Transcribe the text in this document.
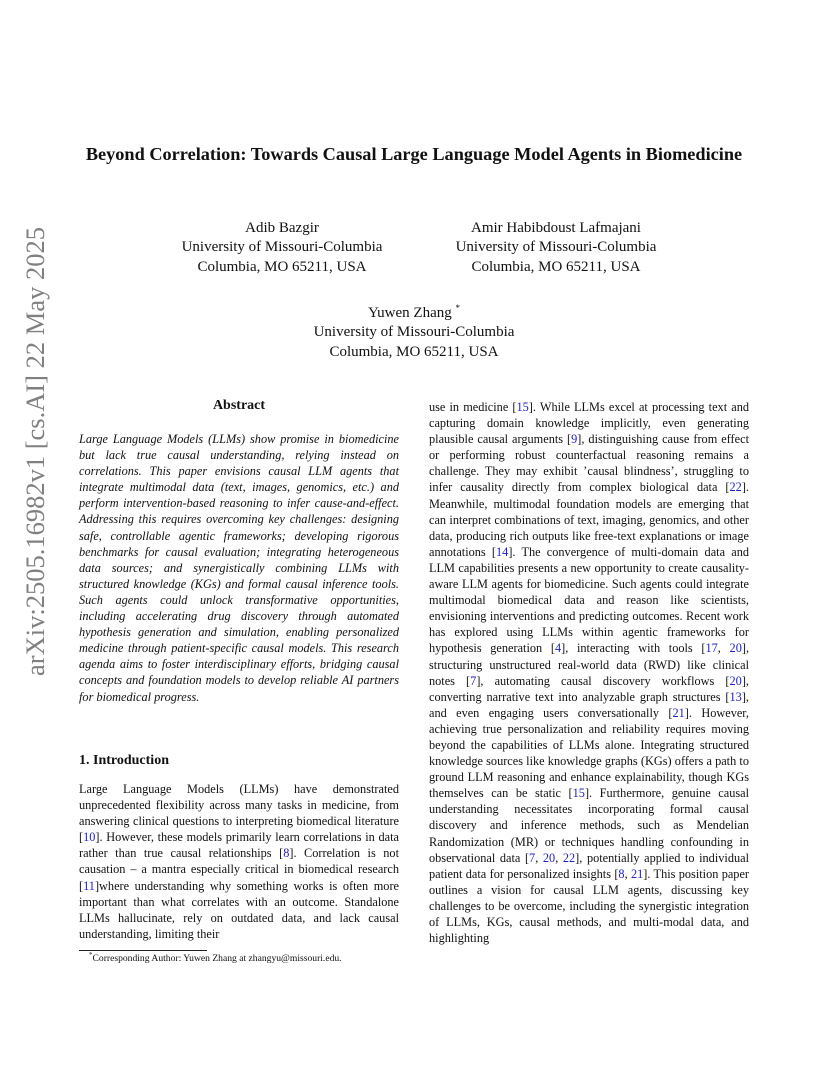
arXiv:2505.16982v1 [cs.AI] 22 May 2025
Beyond Correlation: Towards Causal Large Language Model Agents in Biomedicine
Adib Bazgir
University of Missouri-Columbia
Columbia, MO 65211, USA
Amir Habibdoust Lafmajani
University of Missouri-Columbia
Columbia, MO 65211, USA
Yuwen Zhang *
University of Missouri-Columbia
Columbia, MO 65211, USA
Abstract

Large Language Models (LLMs) show promise in biomedicine but lack true causal understanding, relying instead on correlations. This paper envisions causal LLM agents that integrate multimodal data (text, images, genomics, etc.) and perform intervention-based reasoning to infer cause-and-effect. Addressing this requires overcoming key challenges: designing safe, controllable agentic frameworks; developing rigorous benchmarks for causal evaluation; integrating heterogeneous data sources; and synergistically combining LLMs with structured knowledge (KGs) and formal causal inference tools. Such agents could unlock transformative opportunities, including accelerating drug discovery through automated hypothesis generation and simulation, enabling personalized medicine through patient-specific causal models. This research agenda aims to foster interdisciplinary efforts, bridging causal concepts and foundation models to develop reliable AI partners for biomedical progress.

1. Introduction

Large Language Models (LLMs) have demonstrated unprecedented flexibility across many tasks in medicine, from answering clinical questions to interpreting biomedical literature [10]. However, these models primarily learn correlations in data rather than true causal relationships [8]. Correlation is not causation – a mantra especially critical in biomedical research [11]where understanding why something works is often more important than what correlates with an outcome. Standalone LLMs hallucinate, rely on outdated data, and lack causal understanding, limiting their

use in medicine [15]. While LLMs excel at processing text and capturing domain knowledge implicitly, even generating plausible causal arguments [9], distinguishing cause from effect or performing robust counterfactual reasoning remains a challenge. They may exhibit ’causal blindness’, struggling to infer causality directly from complex biological data [22]. Meanwhile, multimodal foundation models are emerging that can interpret combinations of text, imaging, genomics, and other data, producing rich outputs like free-text explanations or image annotations [14]. The convergence of multi-domain data and LLM capabilities presents a new opportunity to create causality-aware LLM agents for biomedicine. Such agents could integrate multimodal biomedical data and reason like scientists, envisioning interventions and predicting outcomes. Recent work has explored using LLMs within agentic frameworks for hypothesis generation [4], interacting with tools [17, 20], structuring unstructured real-world data (RWD) like clinical notes [7], automating causal discovery workflows [20], converting narrative text into analyzable graph structures [13], and even engaging users conversationally [21]. However, achieving true personalization and reliability requires moving beyond the capabilities of LLMs alone. Integrating structured knowledge sources like knowledge graphs (KGs) offers a path to ground LLM reasoning and enhance explainability, though KGs themselves can be static [15]. Furthermore, genuine causal understanding necessitates incorporating formal causal discovery and inference methods, such as Mendelian Randomization (MR) or techniques handling confounding in observational data [7, 20, 22], potentially applied to individual patient data for personalized insights [8, 21]. This position paper outlines a vision for causal LLM agents, discussing key challenges to be overcome, including the synergistic integration of LLMs, KGs, causal methods, and multi-modal data, and highlighting

*Corresponding Author: Yuwen Zhang at zhangyu@missouri.edu.
